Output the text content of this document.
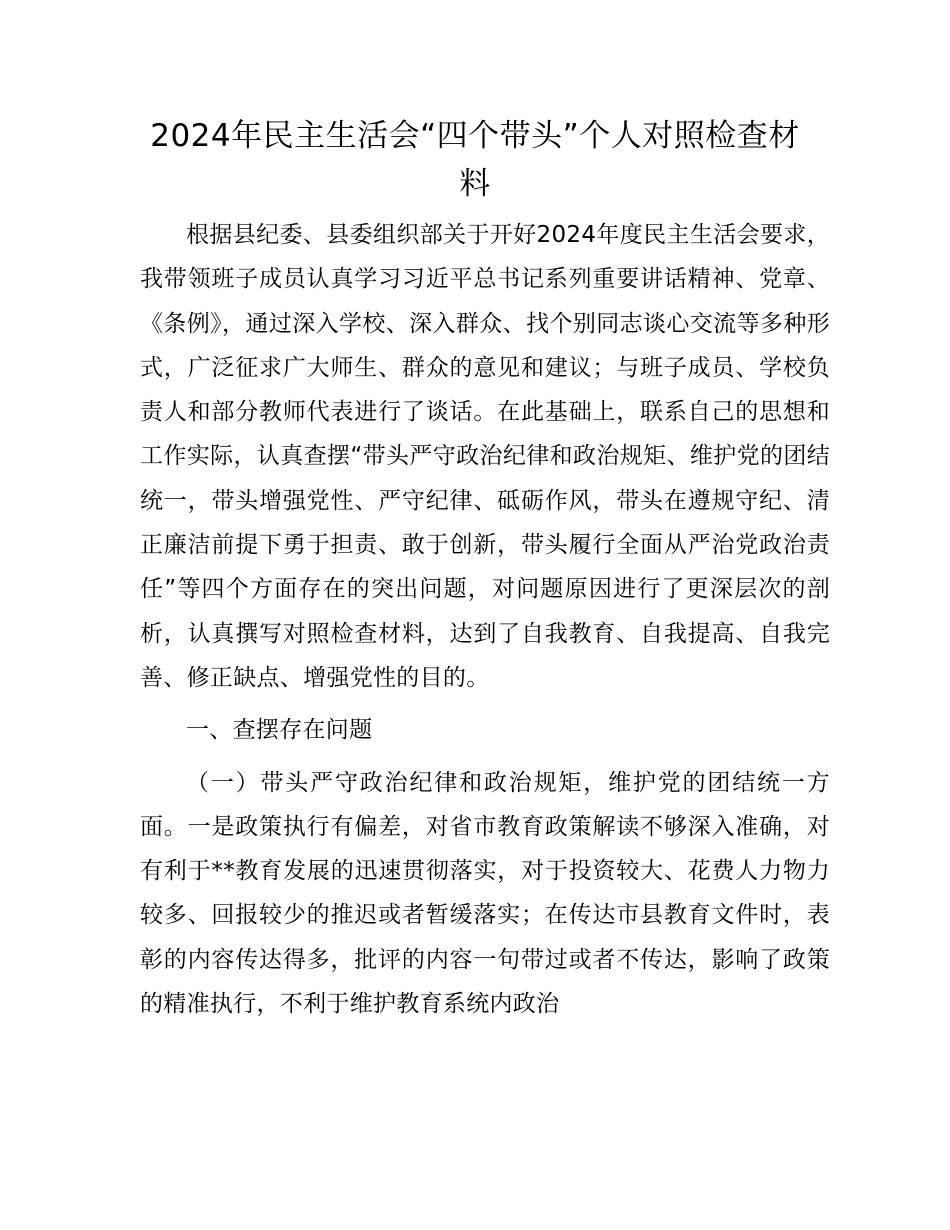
2024年民主生活会“四个带头”个人对照检查材料

根据县纪委、县委组织部关于开好2024年度民主生活会要求，我带领班子成员认真学习习近平总书记系列重要讲话精神、党章、《条例》，通过深入学校、深入群众、找个别同志谈心交流等多种形式，广泛征求广大师生、群众的意见和建议；与班子成员、学校负责人和部分教师代表进行了谈话。在此基础上，联系自己的思想和工作实际，认真查摆“带头严守政治纪律和政治规矩、维护党的团结统一，带头增强党性、严守纪律、砥砺作风，带头在遵规守纪、清正廉洁前提下勇于担责、敢于创新，带头履行全面从严治党政治责任”等四个方面存在的突出问题，对问题原因进行了更深层次的剖析，认真撰写对照检查材料，达到了自我教育、自我提高、自我完善、修正缺点、增强党性的目的。

一、查摆存在问题

（一）带头严守政治纪律和政治规矩，维护党的团结统一方面。一是政策执行有偏差，对省市教育政策解读不够深入准确，对有利于**教育发展的迅速贯彻落实，对于投资较大、花费人力物力较多、回报较少的推迟或者暂缓落实；在传达市县教育文件时，表彰的内容传达得多，批评的内容一句带过或者不传达，影响了政策的精准执行，不利于维护教育系统内政治
